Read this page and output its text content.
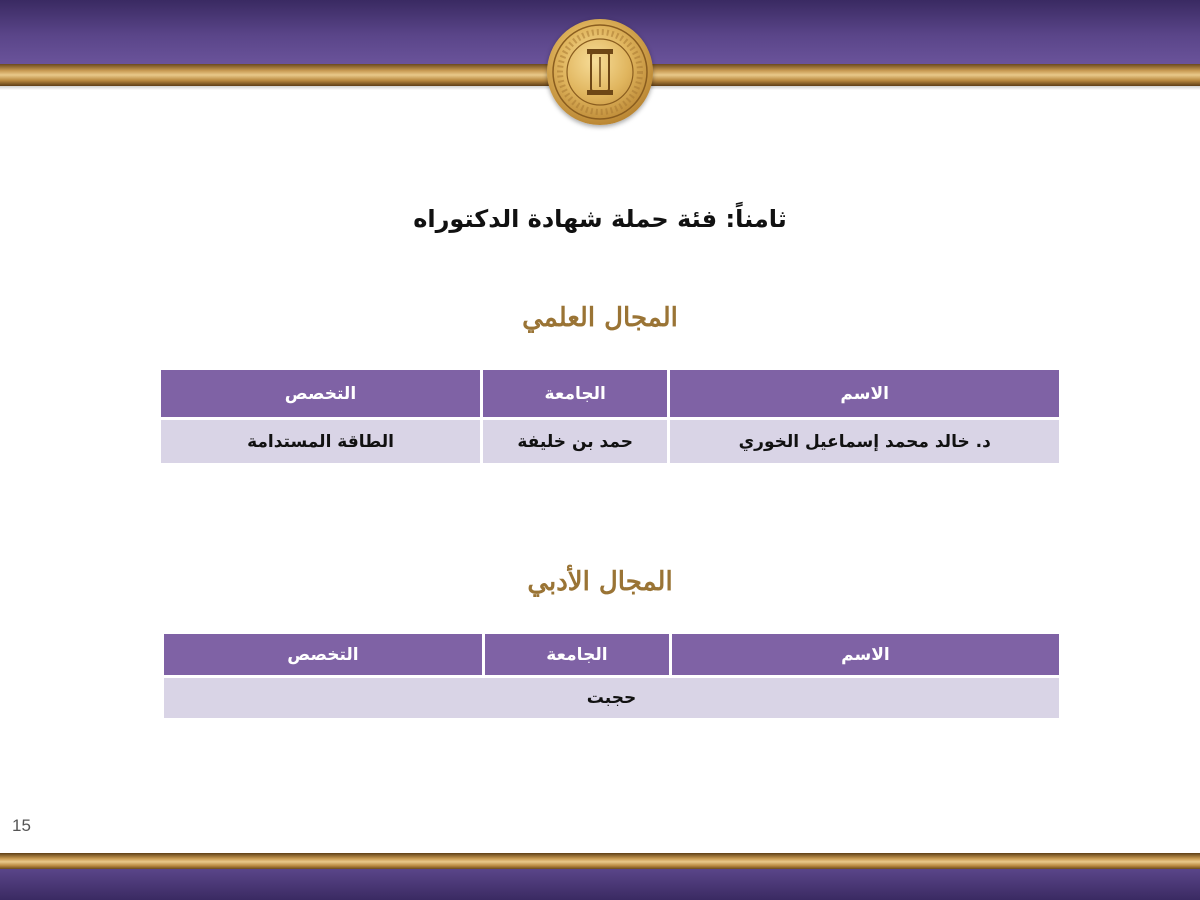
ثامناً: فئة حملة شهادة الدكتوراه
المجال العلمي
الاسم	الجامعة	التخصص
د. خالد محمد إسماعيل الخوري	حمد بن خليفة	الطاقة المستدامة
المجال الأدبي
الاسم	الجامعة	التخصص
حجبت
15
